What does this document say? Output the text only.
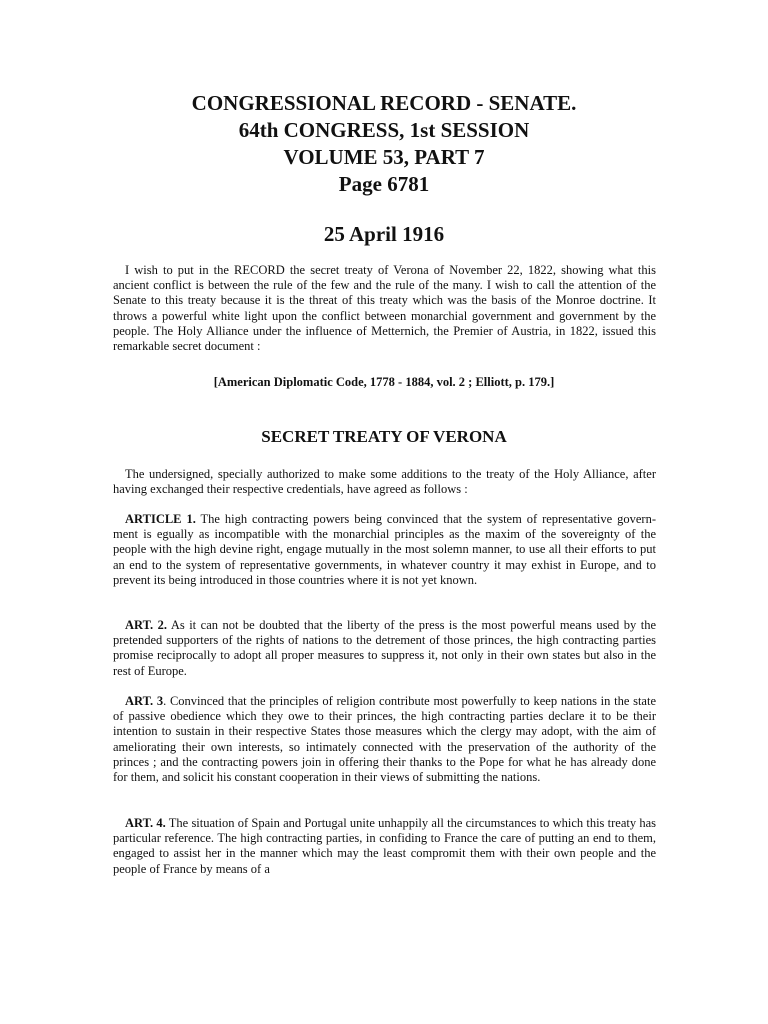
CONGRESSIONAL RECORD - SENATE.
64th CONGRESS, 1st SESSION
VOLUME 53, PART 7
Page 6781
25 April 1916

I wish to put in the RECORD the secret treaty of Verona of November 22, 1822, showing what this ancient conflict is between the rule of the few and the rule of the many. I wish to call the attention of the Senate to this treaty because it is the threat of this treaty which was the basis of the Monroe doctrine. It throws a powerful white light upon the conflict between monarchial government and government by the people. The Holy Alliance under the influence of Metternich, the Premier of Austria, in 1822, issued this remarkable secret document :

[American Diplomatic Code, 1778 - 1884, vol. 2 ; Elliott, p. 179.]
SECRET TREATY OF VERONA

The undersigned, specially authorized to make some additions to the treaty of the Holy Alliance, after having exchanged their respective credentials, have agreed as follows :

ARTICLE 1. The high contracting powers being convinced that the system of representative govern- ment is egually as incompatible with the monarchial principles as the maxim of the sovereignty of the people with the high devine right, engage mutually in the most solemn manner, to use all their efforts to put an end to the system of representative governments, in whatever country it may exhist in Europe, and to prevent its being introduced in those countries where it is not yet known.

ART. 2. As it can not be doubted that the liberty of the press is the most powerful means used by the pretended supporters of the rights of nations to the detrement of those princes, the high contracting parties promise reciprocally to adopt all proper measures to suppress it, not only in their own states but also in the rest of Europe.

ART. 3. Convinced that the principles of religion contribute most powerfully to keep nations in the state of passive obedience which they owe to their princes, the high contracting parties declare it to be their intention to sustain in their respective States those measures which the clergy may adopt, with the aim of ameliorating their own interests, so intimately connected with the preservation of the authority of the princes ; and the contracting powers join in offering their thanks to the Pope for what he has already done for them, and solicit his constant cooperation in their views of submitting the nations.

ART. 4. The situation of Spain and Portugal unite unhappily all the circumstances to which this treaty has particular reference. The high contracting parties, in confiding to France the care of putting an end to them, engaged to assist her in the manner which may the least compromit them with their own people and the people of France by means of a
